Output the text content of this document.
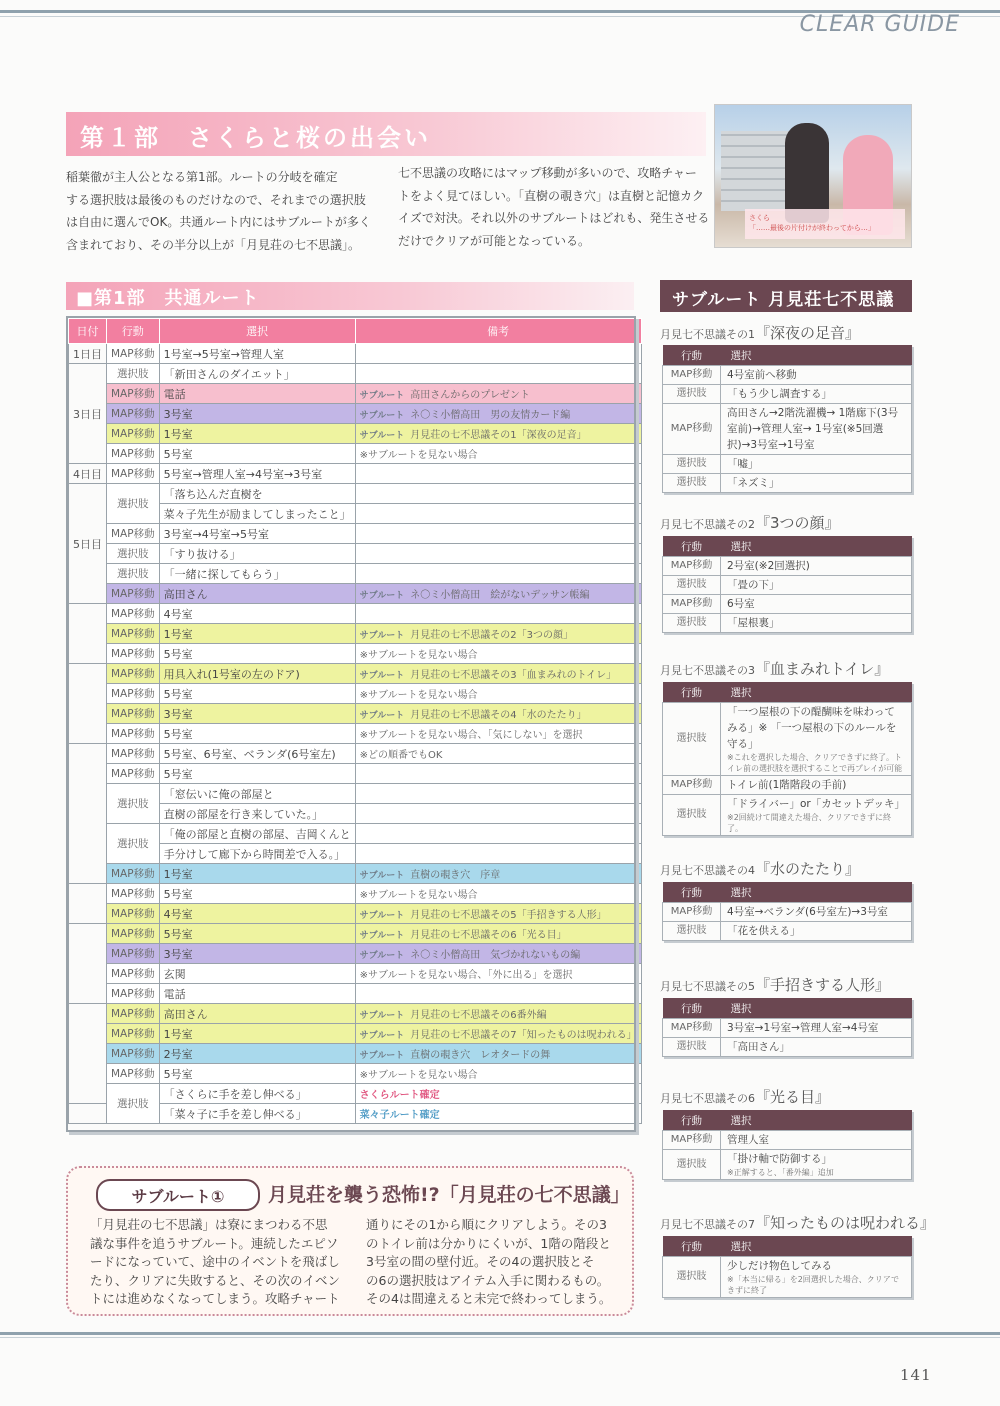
CLEAR GUIDE
第１部　さくらと桜の出会い
さくら
「……最後の片付けが終わってから…」
稲葉徹が主人公となる第1部。ルートの分岐を確定
する選択肢は最後のものだけなので、それまでの選択肢
は自由に選んでOK。共通ルート内にはサブルートが多く
含まれており、その半分以上が「月見荘の七不思議」。
七不思議の攻略にはマップ移動が多いので、攻略チャー
トをよく見てほしい。「直樹の覗き穴」は直樹と記憶カク
イズで対決。それ以外のサブルートはどれも、発生させる
だけでクリアが可能となっている。
■第1部　共通ルート
日付	行動	選択	備考
1日目	MAP移動	1号室→5号室→管理人室	
3日目	選択肢	「新田さんのダイエット」	
	MAP移動	電話	サブルート 高田さんからのプレゼント
	MAP移動	3号室	サブルート ネ〇ミ小僧高田　男の友情カード編
	MAP移動	1号室	サブルート 月見荘の七不思議その1「深夜の足音」
	MAP移動	5号室	※サブルートを見ない場合
4日目	MAP移動	5号室→管理人室→4号室→3号室	
5日目	選択肢	「落ち込んだ直樹を	
		菜々子先生が励ましてしまったこと」	
	MAP移動	3号室→4号室→5号室	
	選択肢	「すり抜ける」	
	選択肢	「一緒に探してもらう」	
	MAP移動	高田さん	サブルート ネ〇ミ小僧高田　絵がないデッサン帳編
	MAP移動	4号室	
	MAP移動	1号室	サブルート 月見荘の七不思議その2「3つの顔」
	MAP移動	5号室	※サブルートを見ない場合
	MAP移動	用具入れ(1号室の左のドア)	サブルート 月見荘の七不思議その3「血まみれのトイレ」
	MAP移動	5号室	※サブルートを見ない場合
	MAP移動	3号室	サブルート 月見荘の七不思議その4「水のたたり」
	MAP移動	5号室	※サブルートを見ない場合、「気にしない」を選択
	MAP移動	5号室、6号室、ベランダ(6号室左)	※どの順番でもOK
	MAP移動	5号室	
	選択肢	「窓伝いに俺の部屋と	
		直樹の部屋を行き来していた。」	
	選択肢	「俺の部屋と直樹の部屋、吉岡くんと	
		手分けして廊下から時間差で入る。」	
	MAP移動	1号室	サブルート 直樹の覗き穴　序章
	MAP移動	5号室	※サブルートを見ない場合
	MAP移動	4号室	サブルート 月見荘の七不思議その5「手招きする人形」
	MAP移動	5号室	サブルート 月見荘の七不思議その6「光る目」
	MAP移動	3号室	サブルート ネ〇ミ小僧高田　気づかれないもの編
	MAP移動	玄関	※サブルートを見ない場合、「外に出る」を選択
	MAP移動	電話	
	MAP移動	高田さん	サブルート 月見荘の七不思議その6番外編
	MAP移動	1号室	サブルート 月見荘の七不思議その7「知ったものは呪われる」
	MAP移動	2号室	サブルート 直樹の覗き穴　レオタードの舞
	MAP移動	5号室	※サブルートを見ない場合
	選択肢	「さくらに手を差し伸べる」	さくらルート確定
		「菜々子に手を差し伸べる」	菜々子ルート確定
サブルート 月見荘七不思議
月見七不思議その1『深夜の足音』
行動	選択
MAP移動	4号室前へ移動
選択肢	「もう少し調査する」
MAP移動	高田さん→2階洗濯機→ 1階廊下(3号室前)→管理人室→ 1号室(※5回選択)→3号室→1号室
選択肢	「嘘」
選択肢	「ネズミ」
月見七不思議その2『3つの顔』
行動	選択
MAP移動	2号室(※2回選択)
選択肢	「畳の下」
MAP移動	6号室
選択肢	「屋根裏」
月見七不思議その3『血まみれトイレ』
行動	選択
選択肢	「一つ屋根の下の醍醐味を味わってみる」※ 「一つ屋根の下のルールを守る」
※これを選択した場合、クリアできずに終了。トイレ前の選択肢を選択することで再プレイが可能

MAP移動	トイレ前(1階階段の手前)
選択肢	「ドライバー」or「カセットデッキ」
※2回続けて間違えた場合、クリアできずに終了。
月見七不思議その4『水のたたり』
行動	選択
MAP移動	4号室→ベランダ(6号室左)→3号室
選択肢	「花を供える」
月見七不思議その5『手招きする人形』
行動	選択
MAP移動	3号室→1号室→管理人室→4号室
選択肢	「高田さん」
月見七不思議その6『光る目』
行動	選択
MAP移動	管理人室
選択肢	「掛け軸で防御する」
※正解すると、「番外編」追加
月見七不思議その7『知ったものは呪われる』
行動	選択
選択肢	少しだけ物色してみる
※「本当に帰る」を2回選択した場合、クリアできずに終了
サブルート①	月見荘を襲う恐怖!?「月見荘の七不思議」
「月見荘の七不思議」は寮にまつわる不思
議な事件を追うサブルート。連続したエピソ
ードになっていて、途中のイベントを飛ばし
たり、クリアに失敗すると、その次のイベン
トには進めなくなってしまう。攻略チャート
通りにその1から順にクリアしよう。その3
のトイレ前は分かりにくいが、1階の階段と
3号室の間の壁付近。その4の選択肢とそ
の6の選択肢はアイテム入手に関わるもの。
その4は間違えると未完で終わってしまう。
141
